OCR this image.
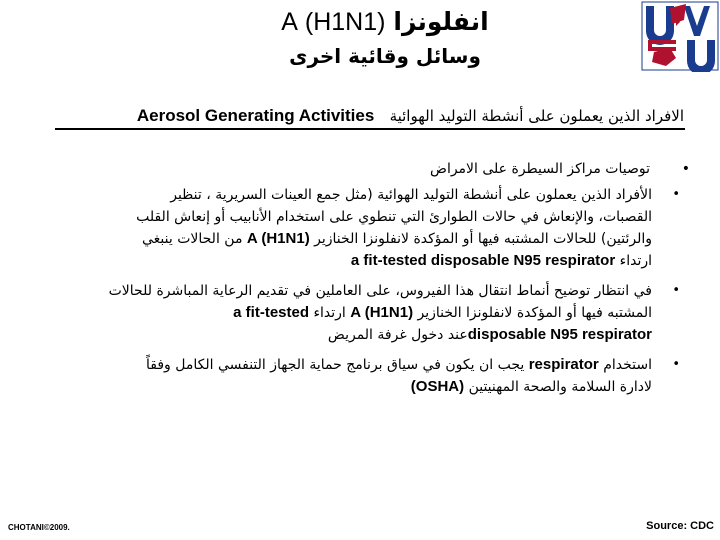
انفلونزا (H1N1) A
وسائل وقائية اخرى
الافراد الذين يعملون على أنشطة التوليد الهوائية   Aerosol Generating Activities
•
توصيات مراكز السيطرة على الامراض
•
الأفراد الذين يعملون على أنشطة التوليد الهوائية (مثل جمع العينات السريرية ، تنظير
القصبات، والإنعاش في حالات الطوارئ التي تنطوي على استخدام الأنابيب أو إنعاش القلب
والرئتين) للحالات المشتبه فيها أو المؤكدة لانفلونزا الخنازير A (H1N1) من الحالات ينبغي
ارتداء a fit-tested disposable N95 respirator
•
في انتظار توضيح أنماط انتقال هذا الفيروس، على العاملين في تقديم الرعاية المباشرة للحالات
المشتبه فيها أو المؤكدة لانفلونزا الخنازير A (H1N1) ارتداء a fit-tested
disposable N95 respiratorعند دخول غرفة المريض
•
استخدام respirator يجب ان يكون في سياق برنامج حماية الجهاز التنفسي الكامل وفقاً
لادارة السلامة والصحة المهنيتين (OSHA)
CHOTANI©2009.	Source: CDC
